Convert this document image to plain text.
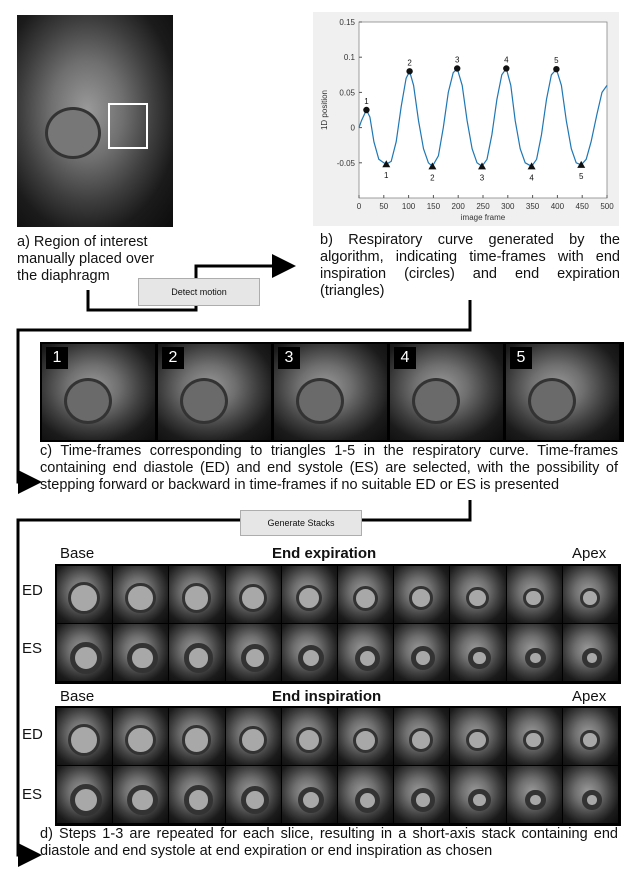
a) Region of interest manually placed over the diaphragm
0 50 100 150 200 250 300 350 400 450 500
-0.05
0
0.05
0.1
0.15
image frame
1D position	1
2	3	4	5
1	2	3	4	5
b) Respiratory curve generated by the algorithm, indicating time-frames with end inspiration (circles) and end expiration (triangles)
Detect motion
1	2	3	4	5
c) Time-frames corresponding to triangles 1-5 in the respiratory curve. Time-frames containing end diastole (ED) and end systole (ES) are selected, with the possibility of stepping forward or backward in time-frames if no suitable ED or ES is presented
Generate Stacks
Base	End expiration	Apex
ED
ES
Base	End inspiration	Apex
ED
ES
d) Steps 1-3 are repeated for each slice, resulting in a short-axis stack containing end diastole and end systole at end expiration or end inspiration as chosen
